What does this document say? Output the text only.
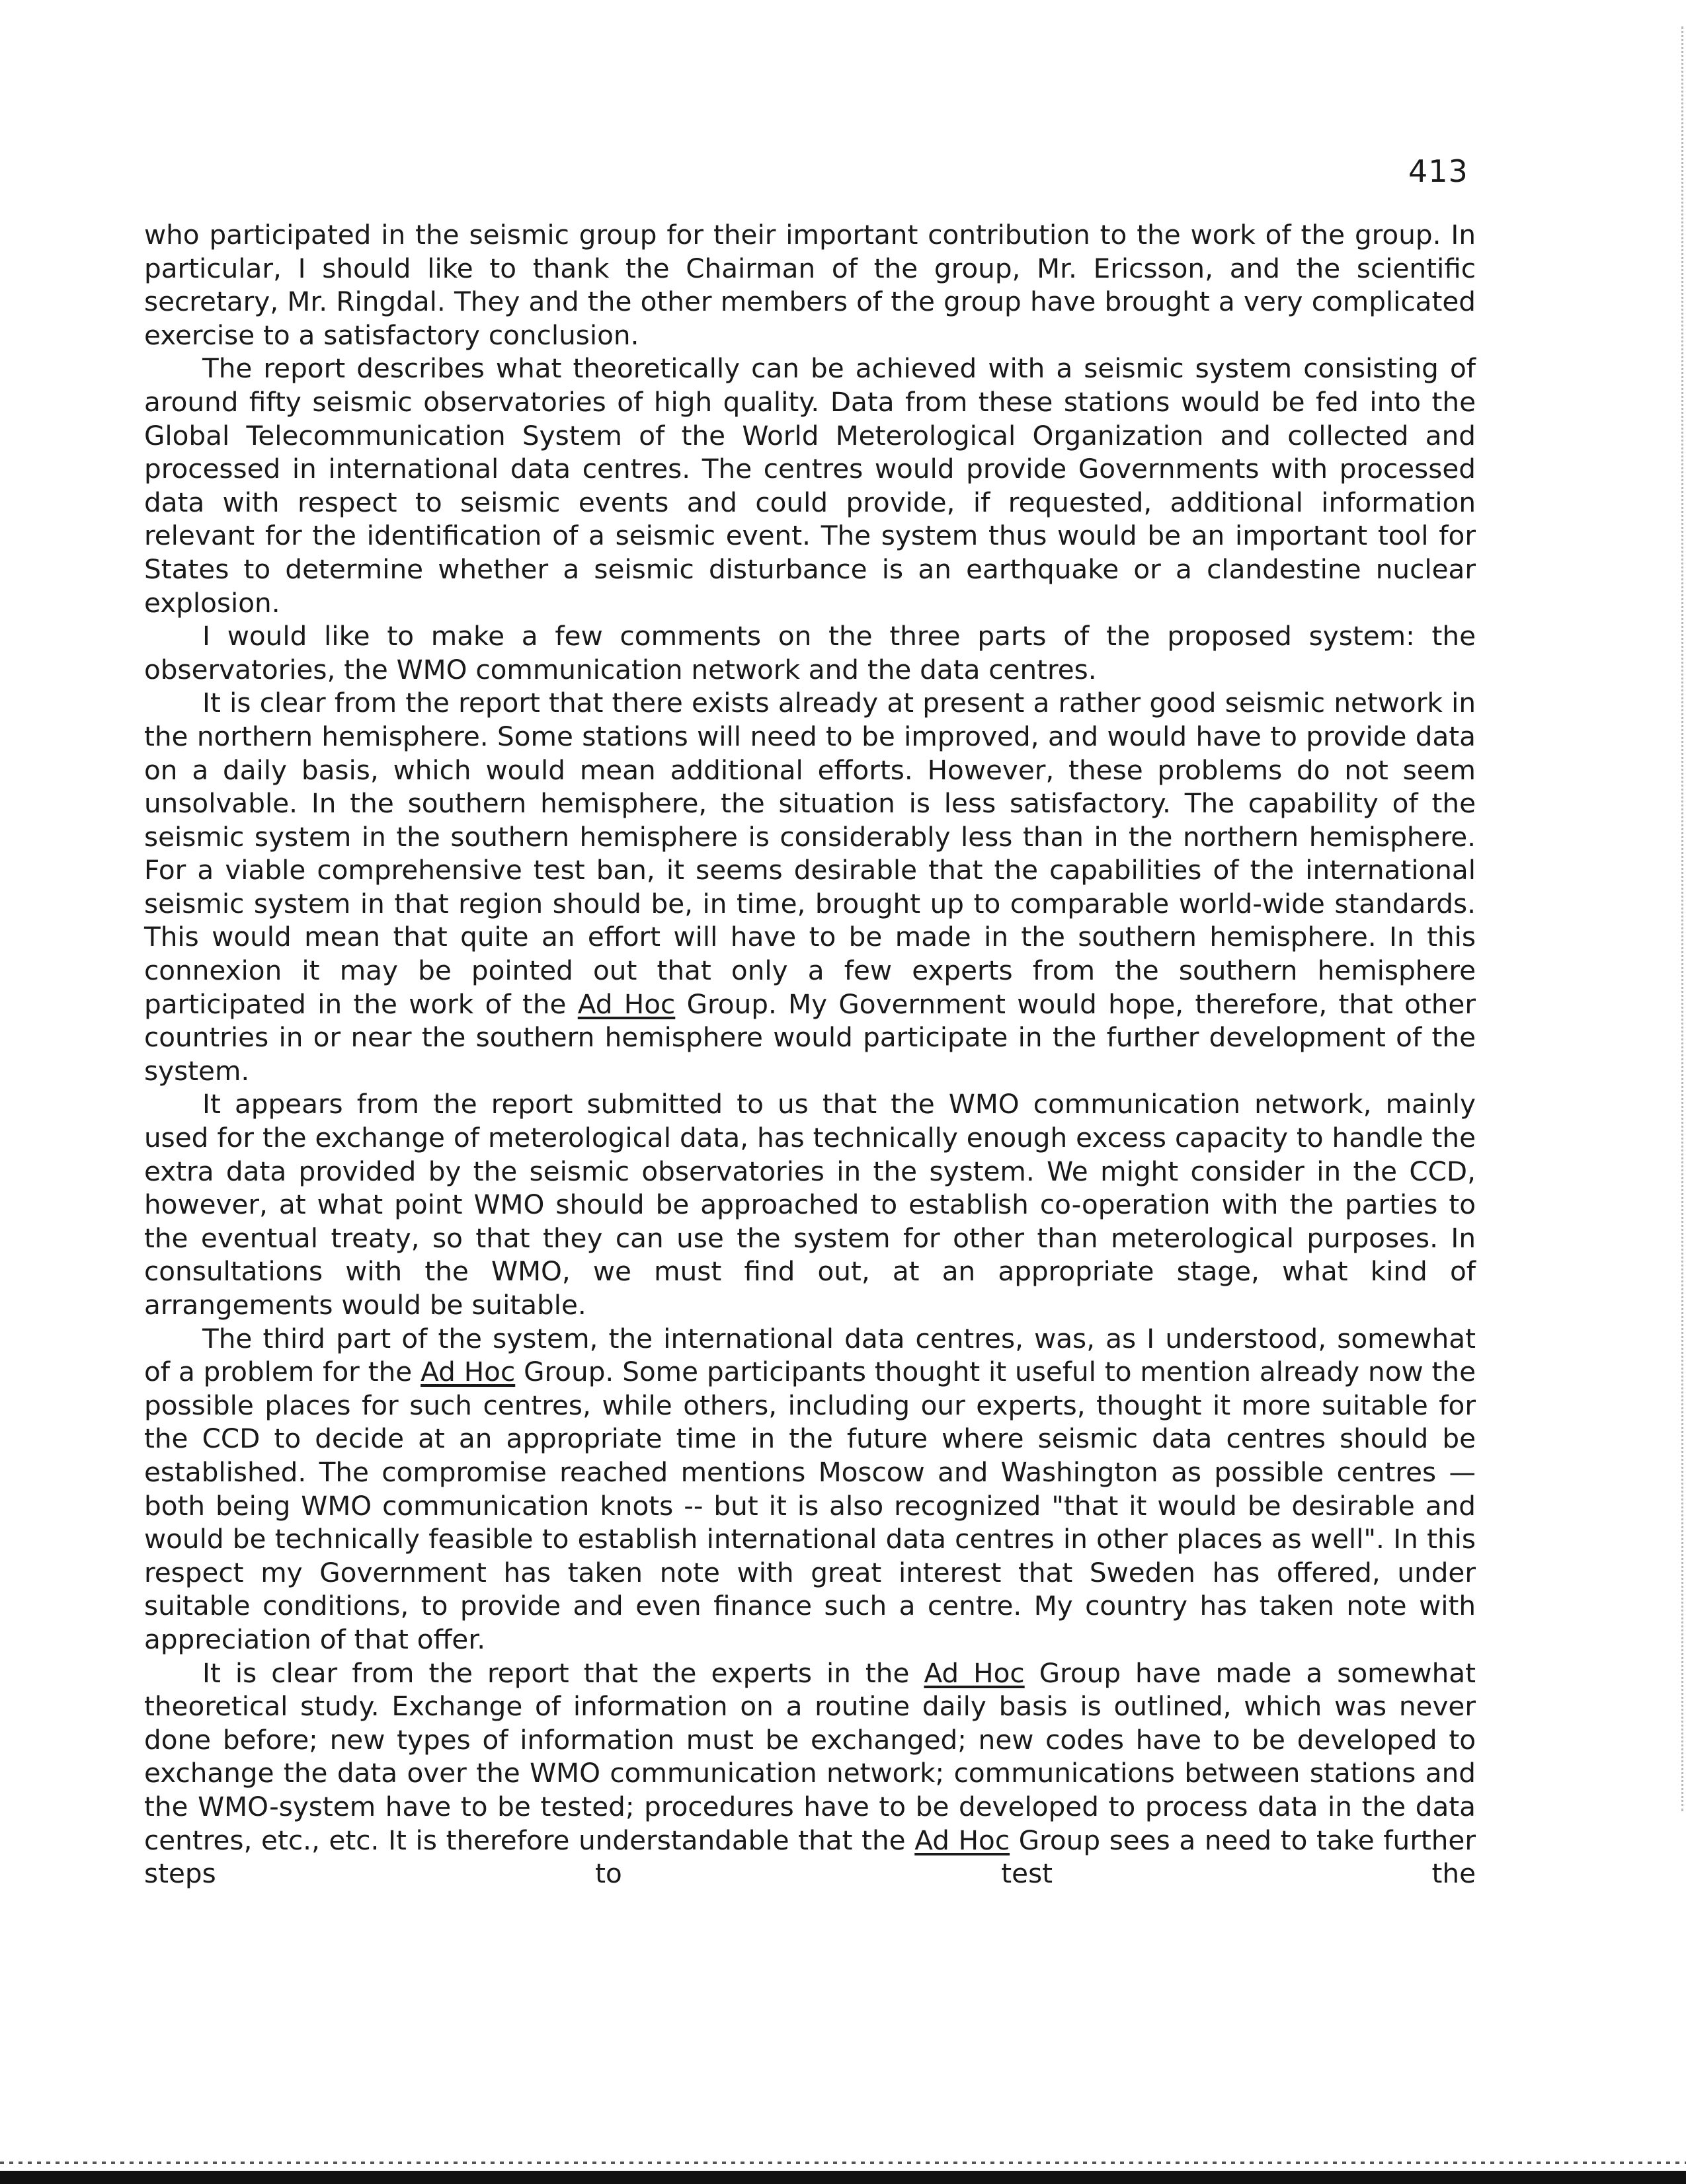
413

who participated in the seismic group for their important contribution to the work of the group. In particular, I should like to thank the Chairman of the group, Mr. Ericsson, and the scientific secretary, Mr. Ringdal. They and the other members of the group have brought a very complicated exercise to a satisfactory conclusion.

The report describes what theoretically can be achieved with a seismic system consisting of around fifty seismic observatories of high quality. Data from these stations would be fed into the Global Telecommunication System of the World Meterological Organization and collected and processed in international data centres. The centres would provide Governments with processed data with respect to seismic events and could provide, if requested, additional information relevant for the identification of a seismic event. The system thus would be an important tool for States to determine whether a seismic disturbance is an earthquake or a clandestine nuclear explosion.

I would like to make a few comments on the three parts of the proposed system: the observatories, the WMO communication network and the data centres.

It is clear from the report that there exists already at present a rather good seismic network in the northern hemisphere. Some stations will need to be improved, and would have to provide data on a daily basis, which would mean additional efforts. However, these problems do not seem unsolvable. In the southern hemisphere, the situation is less satisfactory. The capability of the seismic system in the southern hemisphere is considerably less than in the northern hemisphere. For a viable comprehensive test ban, it seems desirable that the capabilities of the international seismic system in that region should be, in time, brought up to comparable world-wide standards. This would mean that quite an effort will have to be made in the southern hemisphere. In this connexion it may be pointed out that only a few experts from the southern hemisphere participated in the work of the Ad Hoc Group. My Government would hope, therefore, that other countries in or near the southern hemisphere would participate in the further development of the system.

It appears from the report submitted to us that the WMO communication network, mainly used for the exchange of meterological data, has technically enough excess capacity to handle the extra data provided by the seismic observatories in the system. We might consider in the CCD, however, at what point WMO should be approached to establish co-operation with the parties to the eventual treaty, so that they can use the system for other than meterological purposes. In consultations with the WMO, we must find out, at an appropriate stage, what kind of arrangements would be suitable.

The third part of the system, the international data centres, was, as I understood, somewhat of a problem for the Ad Hoc Group. Some participants thought it useful to mention already now the possible places for such centres, while others, including our experts, thought it more suitable for the CCD to decide at an appropriate time in the future where seismic data centres should be established. The compromise reached mentions Moscow and Washington as possible centres — both being WMO communication knots -- but it is also recognized "that it would be desirable and would be technically feasible to establish international data centres in other places as well". In this respect my Government has taken note with great interest that Sweden has offered, under suitable conditions, to provide and even finance such a centre. My country has taken note with appreciation of that offer.

It is clear from the report that the experts in the Ad Hoc Group have made a somewhat theoretical study. Exchange of information on a routine daily basis is outlined, which was never done before; new types of information must be exchanged; new codes have to be developed to exchange the data over the WMO communication network; communications between stations and the WMO-system have to be tested; procedures have to be developed to process data in the data centres, etc., etc. It is therefore understandable that the Ad Hoc Group sees a need to take further steps to test the
